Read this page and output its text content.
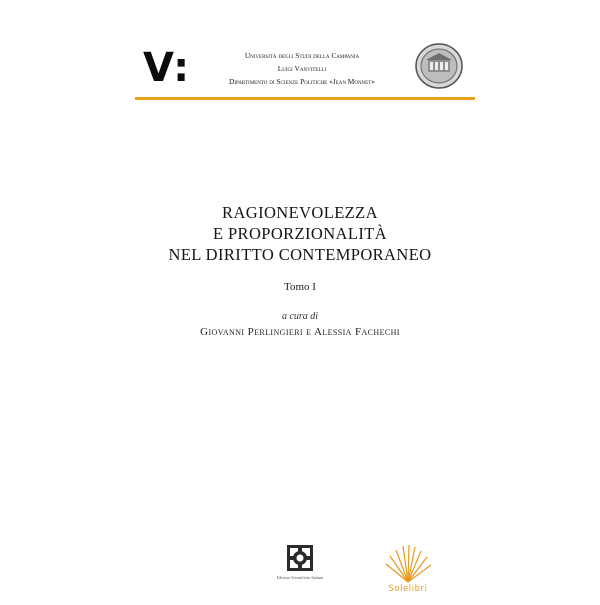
V:	Università degli Studi della Campania
Luigi Vanvitelli
Dipartimento di Scienze Politiche «Jean Monnet»
RAGIONEVOLEZZA
E PROPORZIONALITÀ
NEL DIRITTO CONTEMPORANEO
Tomo I
a cura di
Giovanni Perlingieri e Alessia Fachechi
Edizioni Scientifiche Italiane
Solelibri
